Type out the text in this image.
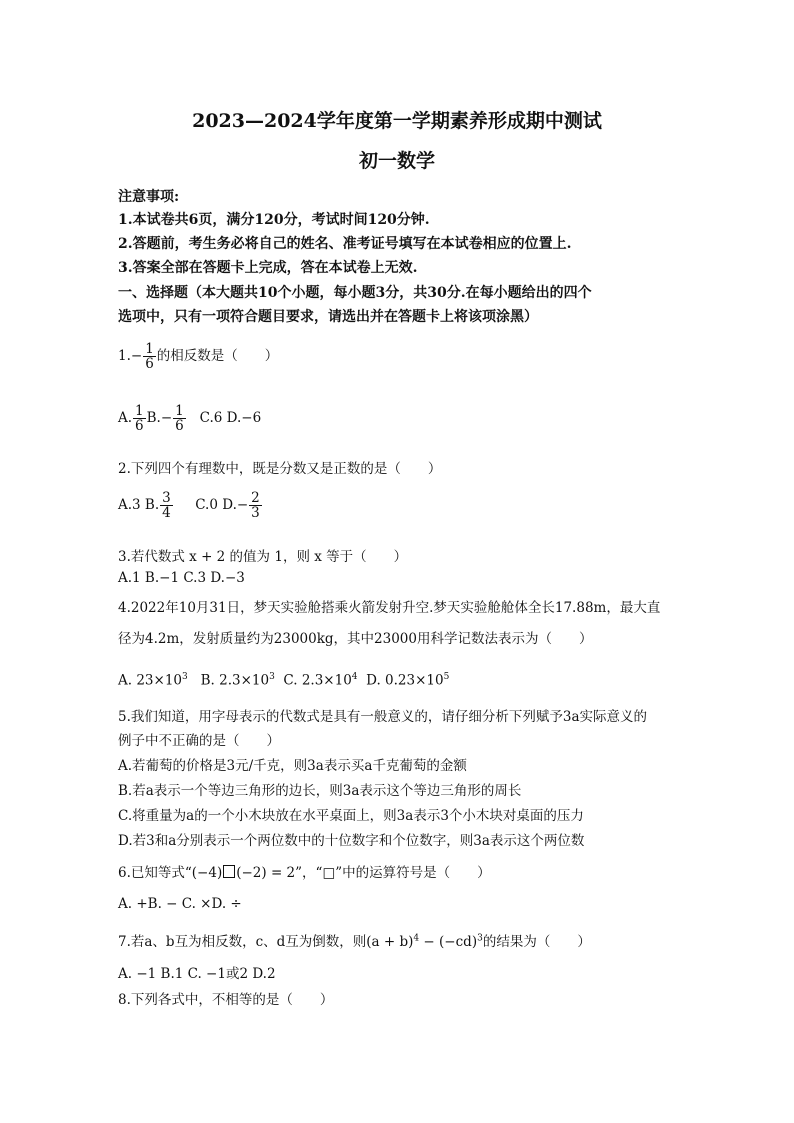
2023—2024学年度第一学期素养形成期中测试
初一数学
注意事项:
1.本试卷共6页，满分120分，考试时间120分钟.
2.答题前，考生务必将自己的姓名、准考证号填写在本试卷相应的位置上.
3.答案全部在答题卡上完成，答在本试卷上无效.
一、选择题（本大题共10个小题，每小题3分，共30分.在每小题给出的四个
选项中，只有一项符合题目要求，请选出并在答题卡上将该项涂黑）
$1.- \frac{1}{6}$ 的相反数是（　　）
A. $\frac{1}{6} B.- \frac{1}{6} C.6$ D.−6
2.下列四个有理数中，既是分数又是正数的是（　　）
A.3 B. $\frac{3}{4} C.0$ $D.- \frac{2}{3}$
3.若代数式 x + 2 的值为 1，则 x 等于（　　）
A.1 B.−1 C.3 D.−3
4.2022年10月31日，梦天实验舱搭乘火箭发射升空.梦天实验舱舱体全长17.88m，最大直
径为4.2m，发射质量约为23000kg，其中23000用科学记数法表示为（　　）
A. $23\times 10^3$ B. $2.3\times 10^3$ C. $2.3\times 10^4$ D. $0.23\times 10^5$
5.我们知道，用字母表示的代数式是具有一般意义的，请仔细分析下列赋予3a实际意义的
例子中不正确的是（　　）
A.若葡萄的价格是3元/千克，则3a表示买a千克葡萄的金额
B.若a表示一个等边三角形的边长，则3a表示这个等边三角形的周长
C.将重量为a的一个小木块放在水平桌面上，则3a表示3个小木块对桌面的压力
D.若3和a分别表示一个两位数中的十位数字和个位数字，则3a表示这个两位数
6.已知等式“(−4) (−2) = 2”，“□”中的运算符号是（　　）
A. +B. − C. ×D. ÷
7.若a、b互为相反数，c、d互为倒数，则$(a + b)^4 - (-cd)^3$的结果为（　　）
A. −1 B.1 C. −1或2 D.2
8.下列各式中，不相等的是（　　）
